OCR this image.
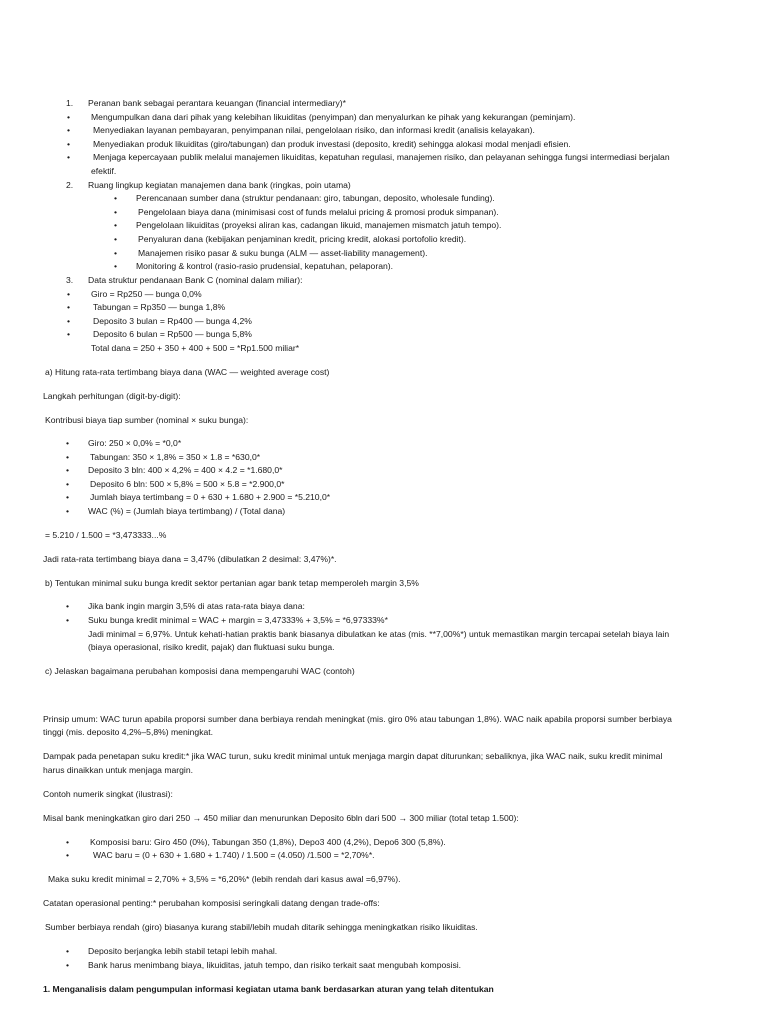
1. Peranan bank sebagai perantara keuangan (financial intermediary)*
• Mengumpulkan dana dari pihak yang kelebihan likuiditas (penyimpan) dan menyalurkan ke pihak yang kekurangan (peminjam).
•	Menyediakan layanan pembayaran, penyimpanan nilai, pengelolaan risiko, dan informasi kredit (analisis kelayakan).
•	Menyediakan produk likuiditas (giro/tabungan) dan produk investasi (deposito, kredit) sehingga alokasi modal menjadi efisien.
•	Menjaga kepercayaan publik melalui manajemen likuiditas, kepatuhan regulasi, manajemen risiko, dan pelayanan sehingga fungsi intermediasi berjalan
efektif.
2. Ruang lingkup kegiatan manajemen dana bank (ringkas, poin utama)
• Perencanaan sumber dana (struktur pendanaan: giro, tabungan, deposito, wholesale funding).
• Pengelolaan biaya dana (minimisasi cost of funds melalui pricing & promosi produk simpanan).
• Pengelolaan likuiditas (proyeksi aliran kas, cadangan likuid, manajemen mismatch jatuh tempo).
• Penyaluran dana (kebijakan penjaminan kredit, pricing kredit, alokasi portofolio kredit).
• Manajemen risiko pasar & suku bunga (ALM — asset-liability management).
• Monitoring & kontrol (rasio-rasio prudensial, kepatuhan, pelaporan).
3. Data struktur pendanaan Bank C (nominal dalam miliar):
• Giro = Rp250 — bunga 0,0%
•	Tabungan = Rp350 — bunga 1,8%
•	Deposito 3 bulan = Rp400 — bunga 4,2%
•	Deposito 6 bulan = Rp500 — bunga 5,8%
Total dana = 250 + 350 + 400 + 500 = *Rp1.500 miliar*
a) Hitung rata-rata tertimbang biaya dana (WAC — weighted average cost)
Langkah perhitungan (digit-by-digit):
Kontribusi biaya tiap sumber (nominal × suku bunga):
• Giro: 250 × 0,0% = *0,0*
• Tabungan: 350 × 1,8% = 350 × 1.8 = *630,0*
• Deposito 3 bln: 400 × 4,2% = 400 × 4.2 = *1.680,0*
• Deposito 6 bln: 500 × 5,8% = 500 × 5.8 = *2.900,0*
• Jumlah biaya tertimbang = 0 + 630 + 1.680 + 2.900 = *5.210,0*
• WAC (%) = (Jumlah biaya tertimbang) / (Total dana)
= 5.210 / 1.500 = *3,473333...%
Jadi rata-rata tertimbang biaya dana = 3,47% (dibulatkan 2 desimal: 3,47%)*.
b) Tentukan minimal suku bunga kredit sektor pertanian agar bank tetap memperoleh margin 3,5%
• Jika bank ingin margin 3,5% di atas rata-rata biaya dana:
• Suku bunga kredit minimal = WAC + margin = 3,47333% + 3,5% = *6,97333%*
Jadi minimal = 6,97%. Untuk kehati-hatian praktis bank biasanya dibulatkan ke atas (mis. **7,00%*) untuk memastikan margin tercapai setelah biaya lain
(biaya operasional, risiko kredit, pajak) dan fluktuasi suku bunga.
c) Jelaskan bagaimana perubahan komposisi dana mempengaruhi WAC (contoh)
Prinsip umum: WAC turun apabila proporsi sumber dana berbiaya rendah meningkat (mis. giro 0% atau tabungan 1,8%). WAC naik apabila proporsi sumber berbiaya
tinggi (mis. deposito 4,2%–5,8%) meningkat.
Dampak pada penetapan suku kredit:* jika WAC turun, suku kredit minimal untuk menjaga margin dapat diturunkan; sebaliknya, jika WAC naik, suku kredit minimal
harus dinaikkan untuk menjaga margin.
Contoh numerik singkat (ilustrasi):
Misal bank meningkatkan giro dari 250 → 450 miliar dan menurunkan Deposito 6bln dari 500 → 300 miliar (total tetap 1.500):
• Komposisi baru: Giro 450 (0%), Tabungan 350 (1,8%), Depo3 400 (4,2%), Depo6 300 (5,8%).
•	WAC baru = (0 + 630 + 1.680 + 1.740) / 1.500 = (4.050) /1.500 = *2,70%*.
Maka suku kredit minimal = 2,70% + 3,5% = *6,20%* (lebih rendah dari kasus awal =6,97%).
Catatan operasional penting:* perubahan komposisi seringkali datang dengan trade-offs:
Sumber berbiaya rendah (giro) biasanya kurang stabil/lebih mudah ditarik sehingga meningkatkan risiko likuiditas.
• Deposito berjangka lebih stabil tetapi lebih mahal.
• Bank harus menimbang biaya, likuiditas, jatuh tempo, dan risiko terkait saat mengubah komposisi.
1. Menganalisis dalam pengumpulan informasi kegiatan utama bank berdasarkan aturan yang telah ditentukan
